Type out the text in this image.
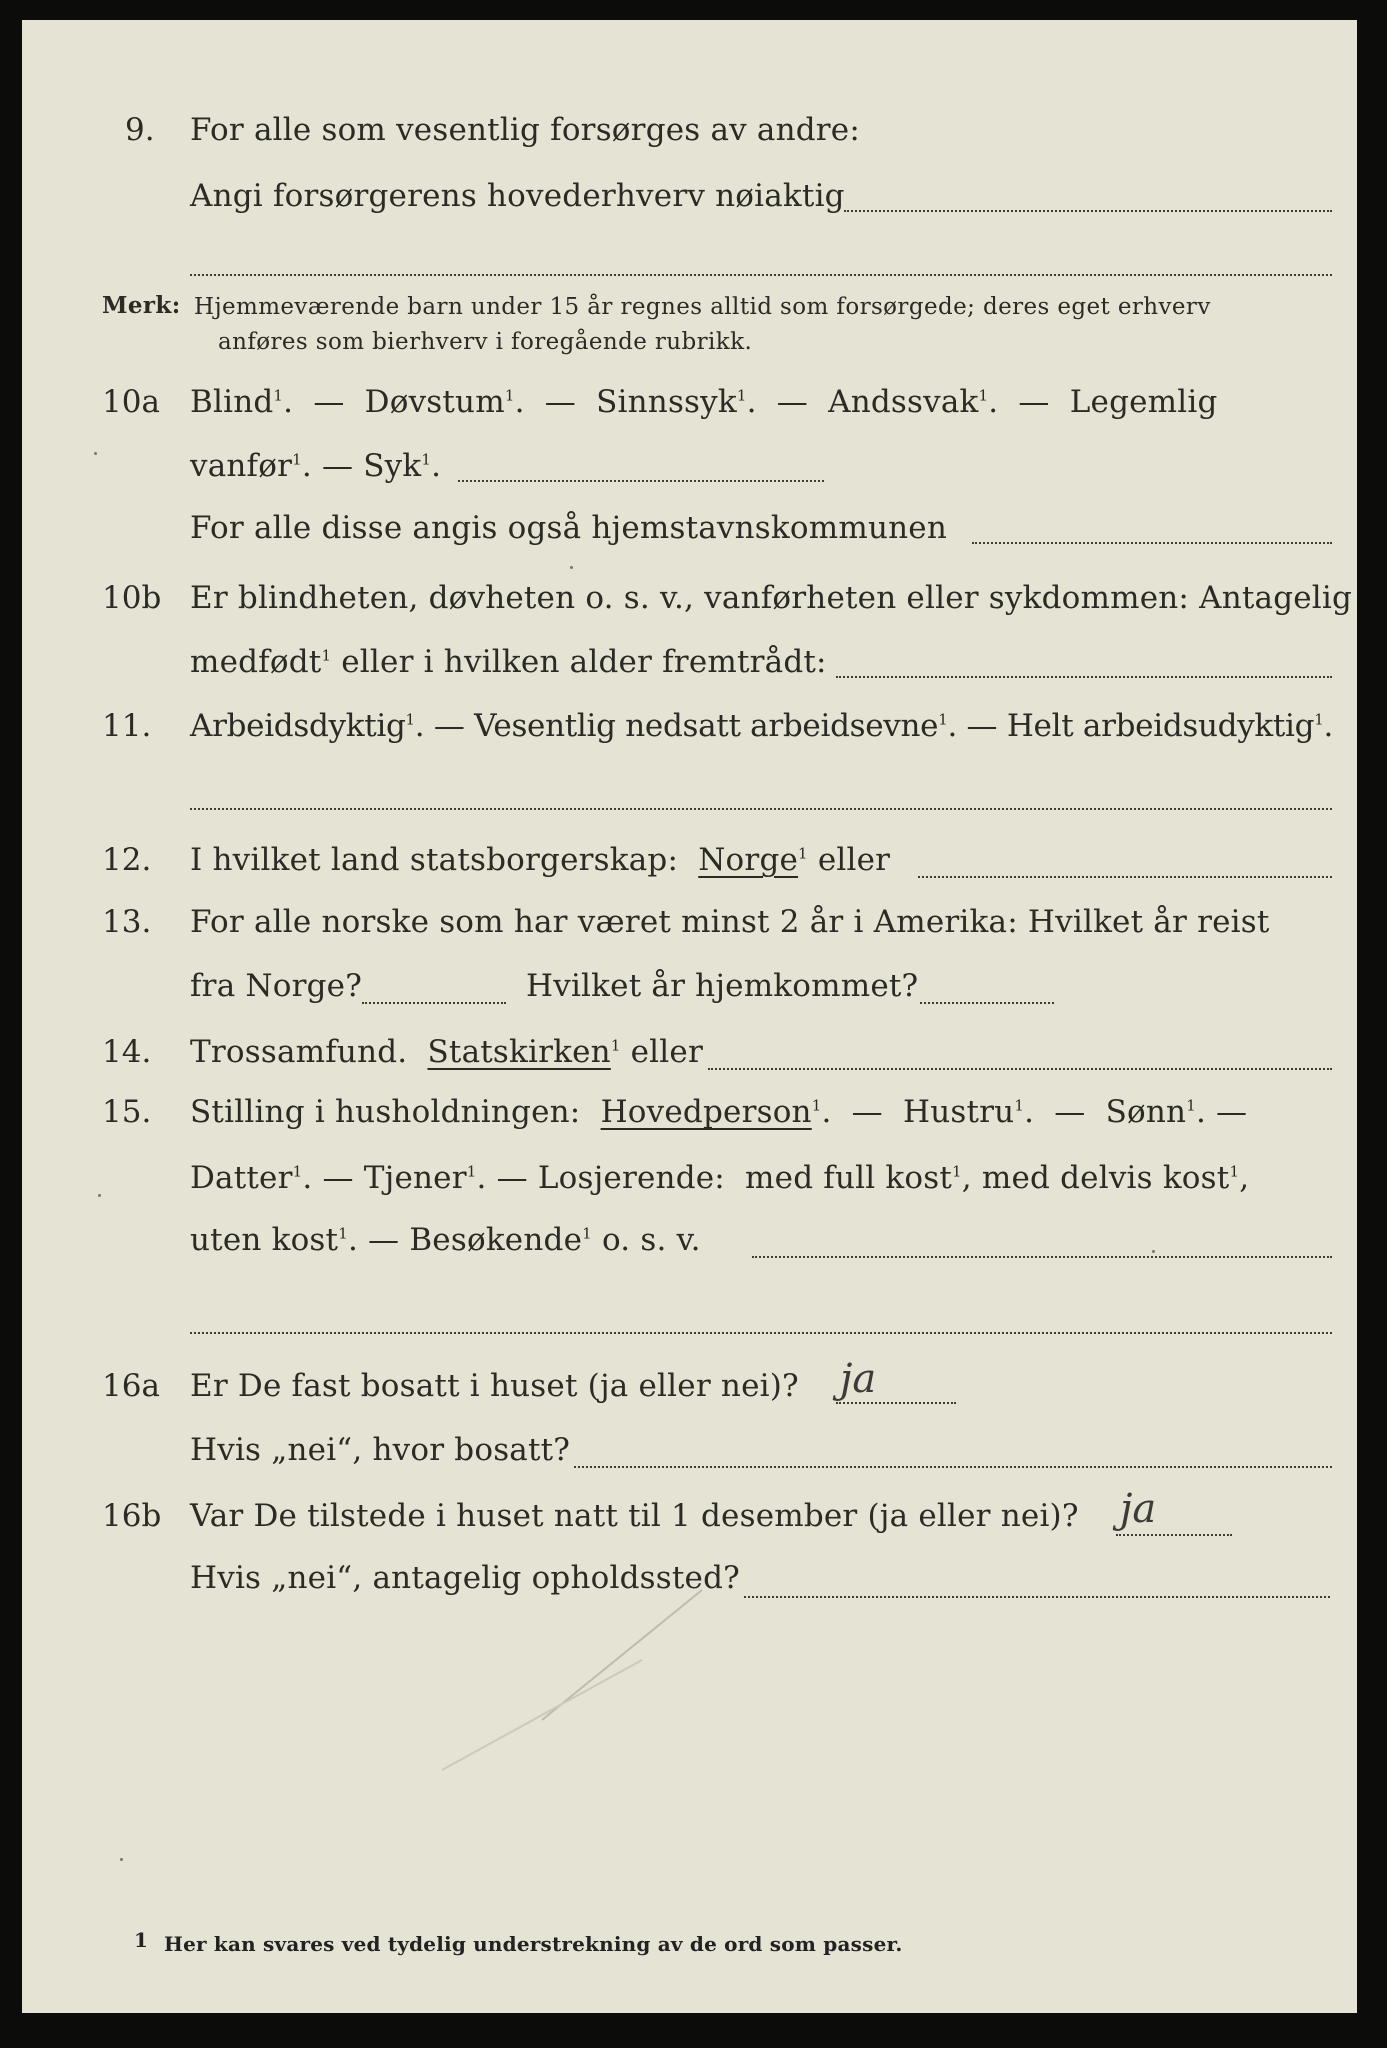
9. For alle som vesentlig forsørges av andre:
Angi forsørgerens hovederhverv nøiaktig
Merk: Hjemmeværende barn under 15 år regnes alltid som forsørgede; deres eget erhverv
anføres som bierhverv i foregående rubrikk.
10a Blind$^1$.  —  Døvstum$^1$.  —  Sinnssyk$^1$.  —  Andssvak$^1$.  —  Legemlig
vanfør$^1$. — Syk$^1$.
For alle disse angis også hjemstavnskommunen
10b Er blindheten, døvheten o. s. v., vanførheten eller sykdommen: Antagelig
medfødt$^1$ eller i hvilken alder fremtrådt:
11. Arbeidsdyktig$^1$. — Vesentlig nedsatt arbeidsevne$^1$. — Helt arbeidsudyktig$^1$.
12. I hvilket land statsborgerskap: Norge$^1$ eller
13. For alle norske som har været minst 2 år i Amerika: Hvilket år reist
fra Norge?	Hvilket år hjemkommet?
14. Trossamfund. Statskirken$^1$ eller
15. Stilling i husholdningen: Hovedperson$^1$.  —  Hustru$^1$.  —  Sønn$^1$. —
Datter$^1$. — Tjener$^1$. — Losjerende: med full kost$^1$, med delvis kost$^1$,
uten kost$^1$. — Besøkende$^1$ o. s. v.
16a Er De fast bosatt i huset (ja eller nei)? ja
Hvis „nei“, hvor bosatt?
16b Var De tilstede i huset natt til 1 desember (ja eller nei)? ja
Hvis „nei“, antagelig opholdssted?
1 Her kan svares ved tydelig understrekning av de ord som passer.
